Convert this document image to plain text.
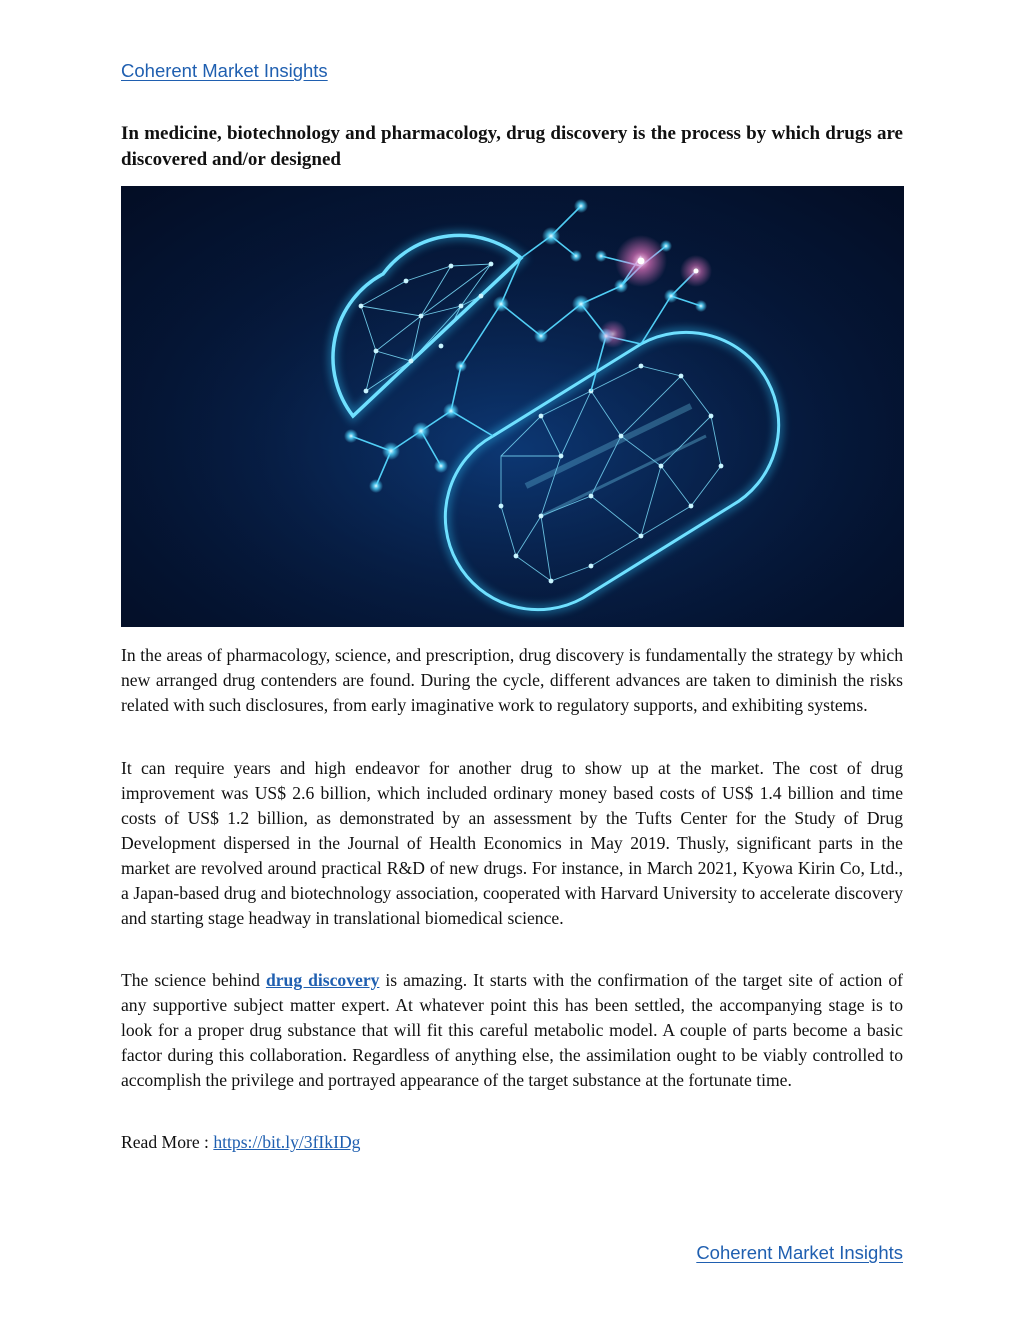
Coherent Market Insights
In medicine, biotechnology and pharmacology, drug discovery is the process by which drugs are discovered and/or designed

In the areas of pharmacology, science, and prescription, drug discovery is fundamentally the strategy by which new arranged drug contenders are found. During the cycle, different advances are taken to diminish the risks related with such disclosures, from early imaginative work to regulatory supports, and exhibiting systems.

It can require years and high endeavor for another drug to show up at the market. The cost of drug improvement was US$ 2.6 billion, which included ordinary money based costs of US$ 1.4 billion and time costs of US$ 1.2 billion, as demonstrated by an assessment by the Tufts Center for the Study of Drug Development dispersed in the Journal of Health Economics in May 2019. Thusly, significant parts in the market are revolved around practical R&D of new drugs. For instance, in March 2021, Kyowa Kirin Co, Ltd., a Japan-based drug and biotechnology association, cooperated with Harvard University to accelerate discovery and starting stage headway in translational biomedical science.

The science behind drug discovery is amazing. It starts with the confirmation of the target site of action of any supportive subject matter expert. At whatever point this has been settled, the accompanying stage is to look for a proper drug substance that will fit this careful metabolic model. A couple of parts become a basic factor during this collaboration. Regardless of anything else, the assimilation ought to be viably controlled to accomplish the privilege and portrayed appearance of the target substance at the fortunate time.

Read More : https://bit.ly/3fIkIDg

Coherent Market Insights
